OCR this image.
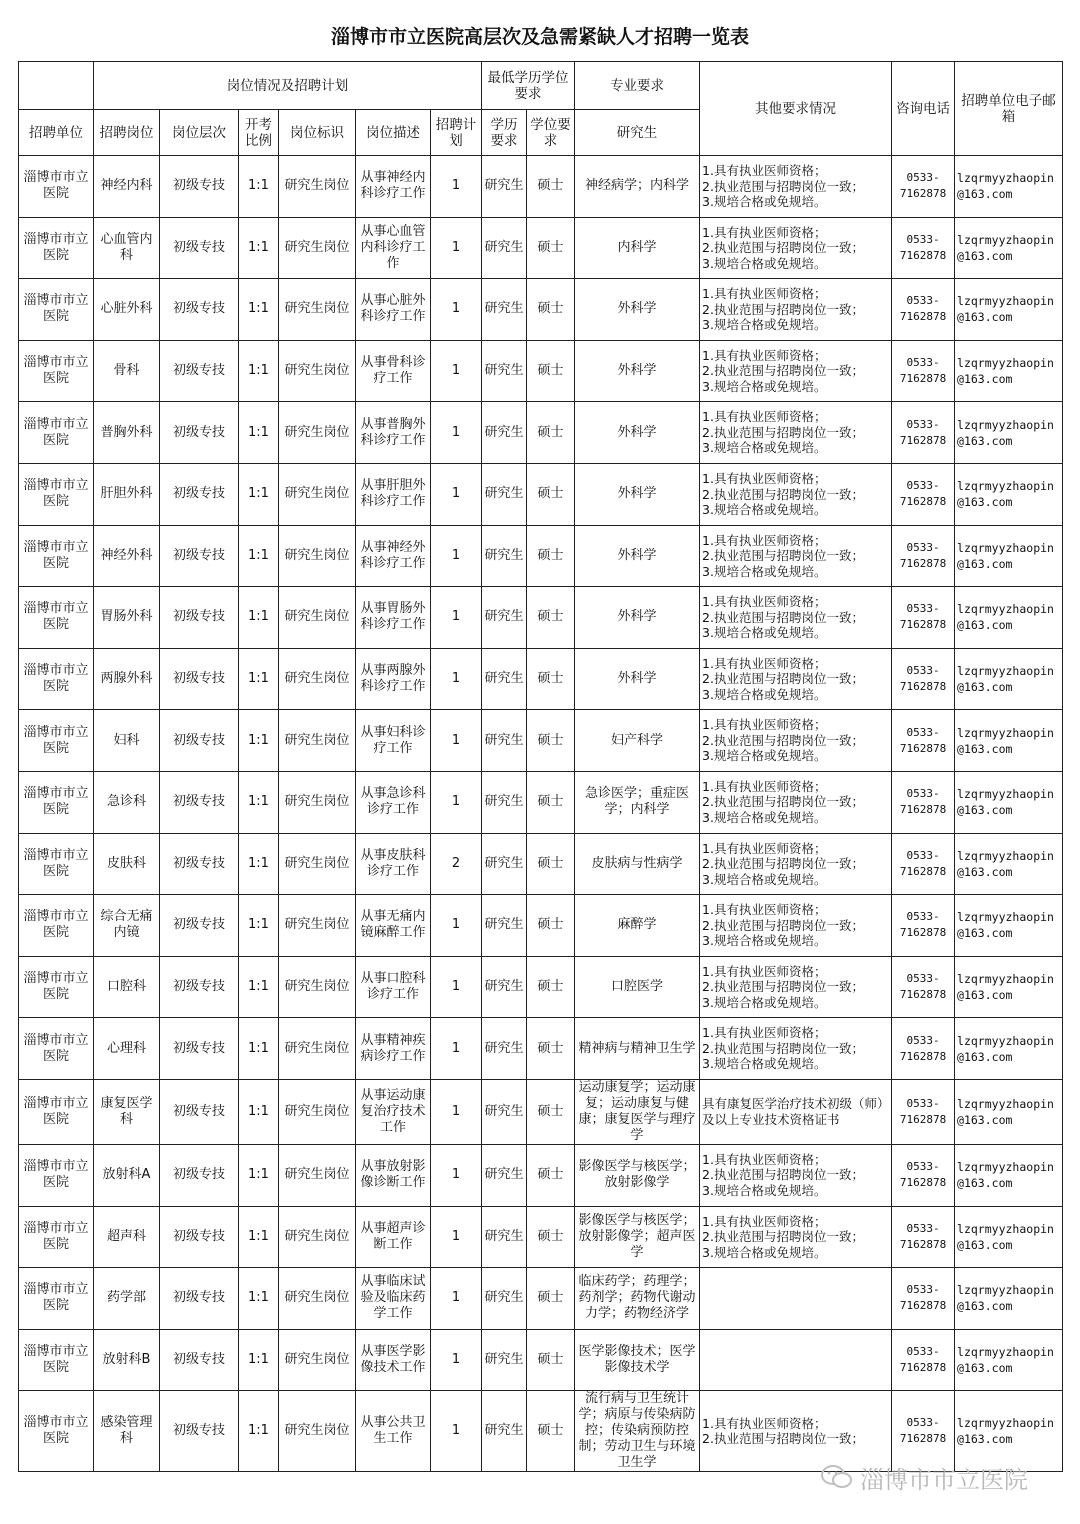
淄博市市立医院高层次及急需紧缺人才招聘一览表
	岗位情况及招聘计划						最低学历学位要求		专业要求	其他要求情况	咨询电话	招聘单位电子邮箱
招聘单位	招聘岗位	岗位层次	开考比例	岗位标识	岗位描述	招聘计划	学历要求	学位要求	研究生			
淄博市市立医院	神经内科	初级专技	1:1	研究生岗位	从事神经内科诊疗工作	1	研究生	硕士	神经病学；内科学	1.具有执业医师资格；
2.执业范围与招聘岗位一致；
3.规培合格或免规培。	0533-7162878	lzqrmyyzhaopin@163.com
淄博市市立医院	心血管内科	初级专技	1:1	研究生岗位	从事心血管内科诊疗工作	1	研究生	硕士	内科学	1.具有执业医师资格；
2.执业范围与招聘岗位一致；
3.规培合格或免规培。	0533-7162878	lzqrmyyzhaopin@163.com
淄博市市立医院	心脏外科	初级专技	1:1	研究生岗位	从事心脏外科诊疗工作	1	研究生	硕士	外科学	1.具有执业医师资格；
2.执业范围与招聘岗位一致；
3.规培合格或免规培。	0533-7162878	lzqrmyyzhaopin@163.com
淄博市市立医院	骨科	初级专技	1:1	研究生岗位	从事骨科诊疗工作	1	研究生	硕士	外科学	1.具有执业医师资格；
2.执业范围与招聘岗位一致；
3.规培合格或免规培。	0533-7162878	lzqrmyyzhaopin@163.com
淄博市市立医院	普胸外科	初级专技	1:1	研究生岗位	从事普胸外科诊疗工作	1	研究生	硕士	外科学	1.具有执业医师资格；
2.执业范围与招聘岗位一致；
3.规培合格或免规培。	0533-7162878	lzqrmyyzhaopin@163.com
淄博市市立医院	肝胆外科	初级专技	1:1	研究生岗位	从事肝胆外科诊疗工作	1	研究生	硕士	外科学	1.具有执业医师资格；
2.执业范围与招聘岗位一致；
3.规培合格或免规培。	0533-7162878	lzqrmyyzhaopin@163.com
淄博市市立医院	神经外科	初级专技	1:1	研究生岗位	从事神经外科诊疗工作	1	研究生	硕士	外科学	1.具有执业医师资格；
2.执业范围与招聘岗位一致；
3.规培合格或免规培。	0533-7162878	lzqrmyyzhaopin@163.com
淄博市市立医院	胃肠外科	初级专技	1:1	研究生岗位	从事胃肠外科诊疗工作	1	研究生	硕士	外科学	1.具有执业医师资格；
2.执业范围与招聘岗位一致；
3.规培合格或免规培。	0533-7162878	lzqrmyyzhaopin@163.com
淄博市市立医院	两腺外科	初级专技	1:1	研究生岗位	从事两腺外科诊疗工作	1	研究生	硕士	外科学	1.具有执业医师资格；
2.执业范围与招聘岗位一致；
3.规培合格或免规培。	0533-7162878	lzqrmyyzhaopin@163.com
淄博市市立医院	妇科	初级专技	1:1	研究生岗位	从事妇科诊疗工作	1	研究生	硕士	妇产科学	1.具有执业医师资格；
2.执业范围与招聘岗位一致；
3.规培合格或免规培。	0533-7162878	lzqrmyyzhaopin@163.com
淄博市市立医院	急诊科	初级专技	1:1	研究生岗位	从事急诊科诊疗工作	1	研究生	硕士	急诊医学；重症医学；内科学	1.具有执业医师资格；
2.执业范围与招聘岗位一致；
3.规培合格或免规培。	0533-7162878	lzqrmyyzhaopin@163.com
淄博市市立医院	皮肤科	初级专技	1:1	研究生岗位	从事皮肤科诊疗工作	2	研究生	硕士	皮肤病与性病学	1.具有执业医师资格；
2.执业范围与招聘岗位一致；
3.规培合格或免规培。	0533-7162878	lzqrmyyzhaopin@163.com
淄博市市立医院	综合无痛内镜	初级专技	1:1	研究生岗位	从事无痛内镜麻醉工作	1	研究生	硕士	麻醉学	1.具有执业医师资格；
2.执业范围与招聘岗位一致；
3.规培合格或免规培。	0533-7162878	lzqrmyyzhaopin@163.com
淄博市市立医院	口腔科	初级专技	1:1	研究生岗位	从事口腔科诊疗工作	1	研究生	硕士	口腔医学	1.具有执业医师资格；
2.执业范围与招聘岗位一致；
3.规培合格或免规培。	0533-7162878	lzqrmyyzhaopin@163.com
淄博市市立医院	心理科	初级专技	1:1	研究生岗位	从事精神疾病诊疗工作	1	研究生	硕士	精神病与精神卫生学	1.具有执业医师资格；
2.执业范围与招聘岗位一致；
3.规培合格或免规培。	0533-7162878	lzqrmyyzhaopin@163.com
淄博市市立医院	康复医学科	初级专技	1:1	研究生岗位	从事运动康复治疗技术工作	1	研究生	硕士	运动康复学；运动康复；运动康复与健康；康复医学与理疗学	具有康复医学治疗技术初级（师）及以上专业技术资格证书	0533-7162878	lzqrmyyzhaopin@163.com
淄博市市立医院	放射科A	初级专技	1:1	研究生岗位	从事放射影像诊断工作	1	研究生	硕士	影像医学与核医学；放射影像学	1.具有执业医师资格；
2.执业范围与招聘岗位一致；
3.规培合格或免规培。	0533-7162878	lzqrmyyzhaopin@163.com
淄博市市立医院	超声科	初级专技	1:1	研究生岗位	从事超声诊断工作	1	研究生	硕士	影像医学与核医学；放射影像学；超声医学	1.具有执业医师资格；
2.执业范围与招聘岗位一致；
3.规培合格或免规培。	0533-7162878	lzqrmyyzhaopin@163.com
淄博市市立医院	药学部	初级专技	1:1	研究生岗位	从事临床试验及临床药学工作	1	研究生	硕士	临床药学；药理学；药剂学；药物代谢动力学；药物经济学		0533-7162878	lzqrmyyzhaopin@163.com
淄博市市立医院	放射科B	初级专技	1:1	研究生岗位	从事医学影像技术工作	1	研究生	硕士	医学影像技术；医学影像技术学		0533-7162878	lzqrmyyzhaopin@163.com
淄博市市立医院	感染管理科	初级专技	1:1	研究生岗位	从事公共卫生工作	1	研究生	硕士	流行病与卫生统计学；病原与传染病防控；传染病预防控制；劳动卫生与环境卫生学	1.具有执业医师资格；
2.执业范围与招聘岗位一致；	0533-7162878	lzqrmyyzhaopin@163.com
淄博市市立医院
